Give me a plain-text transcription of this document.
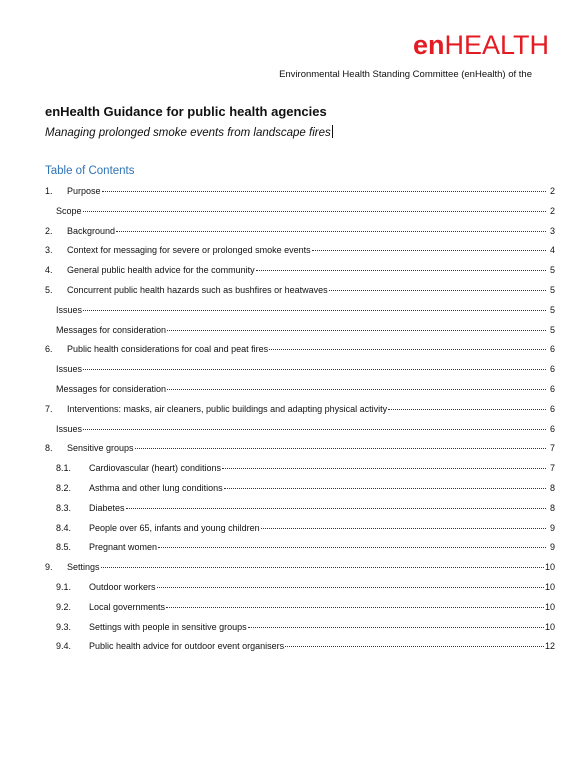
enHEALTH
Environmental Health Standing Committee (enHealth) of the
enHealth Guidance for public health agencies
Managing prolonged smoke events from landscape fires
Table of Contents
1.	Purpose	2
Scope	2
2.	Background	3
3.	Context for messaging for severe or prolonged smoke events	4
4.	General public health advice for the community	5
5.	Concurrent public health hazards such as bushfires or heatwaves	5
Issues	5
Messages for consideration	5
6.	Public health considerations for coal and peat fires	6
Issues	6
Messages for consideration	6
7.	Interventions: masks, air cleaners, public buildings and adapting physical activity	6
Issues	6
8.	Sensitive groups	7
8.1.	Cardiovascular (heart) conditions	7
8.2.	Asthma and other lung conditions	8
8.3.	Diabetes	8
8.4.	People over 65, infants and young children	9
8.5.	Pregnant women	9
9.	Settings	10
9.1.	Outdoor workers	10
9.2.	Local governments	10
9.3.	Settings with people in sensitive groups	10
9.4.	Public health advice for outdoor event organisers	12
